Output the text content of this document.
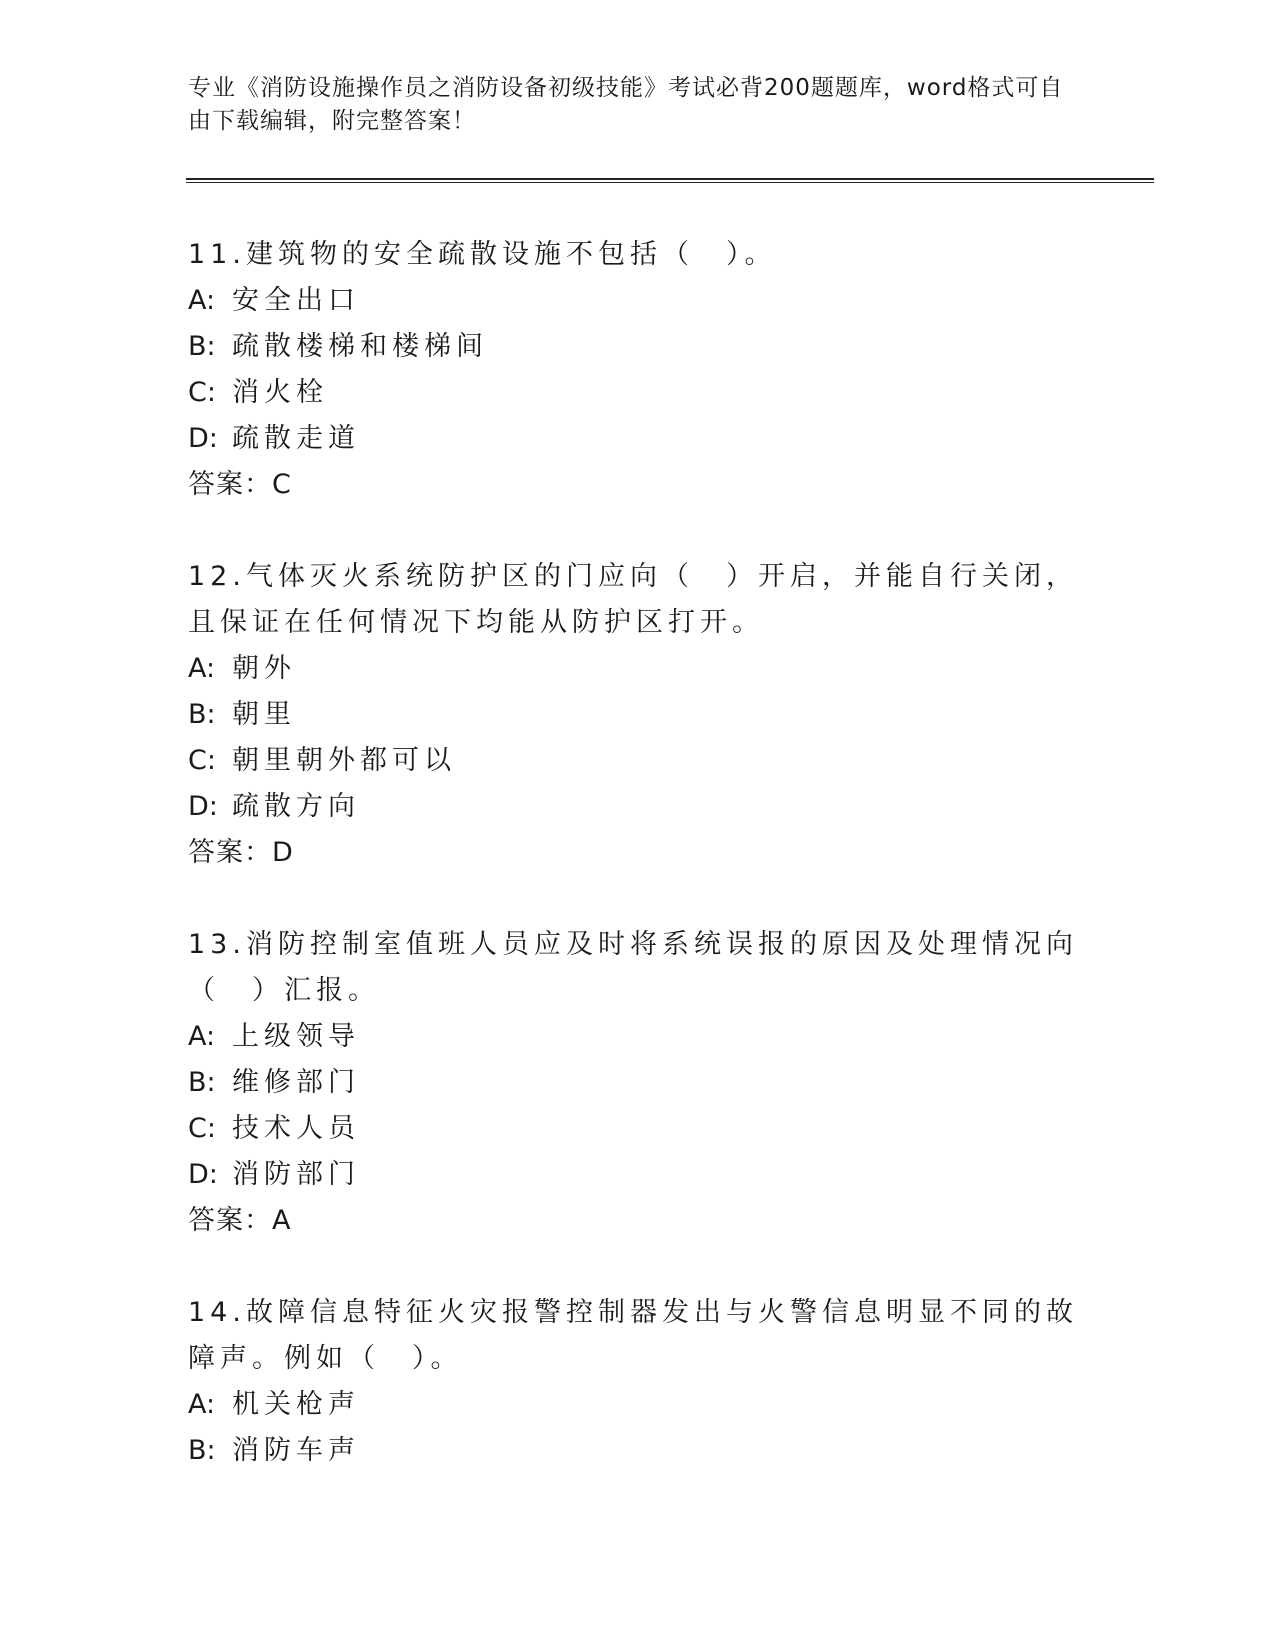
专业《消防设施操作员之消防设备初级技能》考试必背200题题库，word格式可自由下载编辑，附完整答案！
11.建筑物的安全疏散设施不包括（　）。
A: 安全出口
B: 疏散楼梯和楼梯间
C: 消火栓
D: 疏散走道
答案：C
12.气体灭火系统防护区的门应向（　）开启，并能自行关闭，且保证在任何情况下均能从防护区打开。
A: 朝外
B: 朝里
C: 朝里朝外都可以
D: 疏散方向
答案：D
13.消防控制室值班人员应及时将系统误报的原因及处理情况向（　）汇报。
A: 上级领导
B: 维修部门
C: 技术人员
D: 消防部门
答案：A
14.故障信息特征火灾报警控制器发出与火警信息明显不同的故障声。例如（　）。
A: 机关枪声
B: 消防车声
